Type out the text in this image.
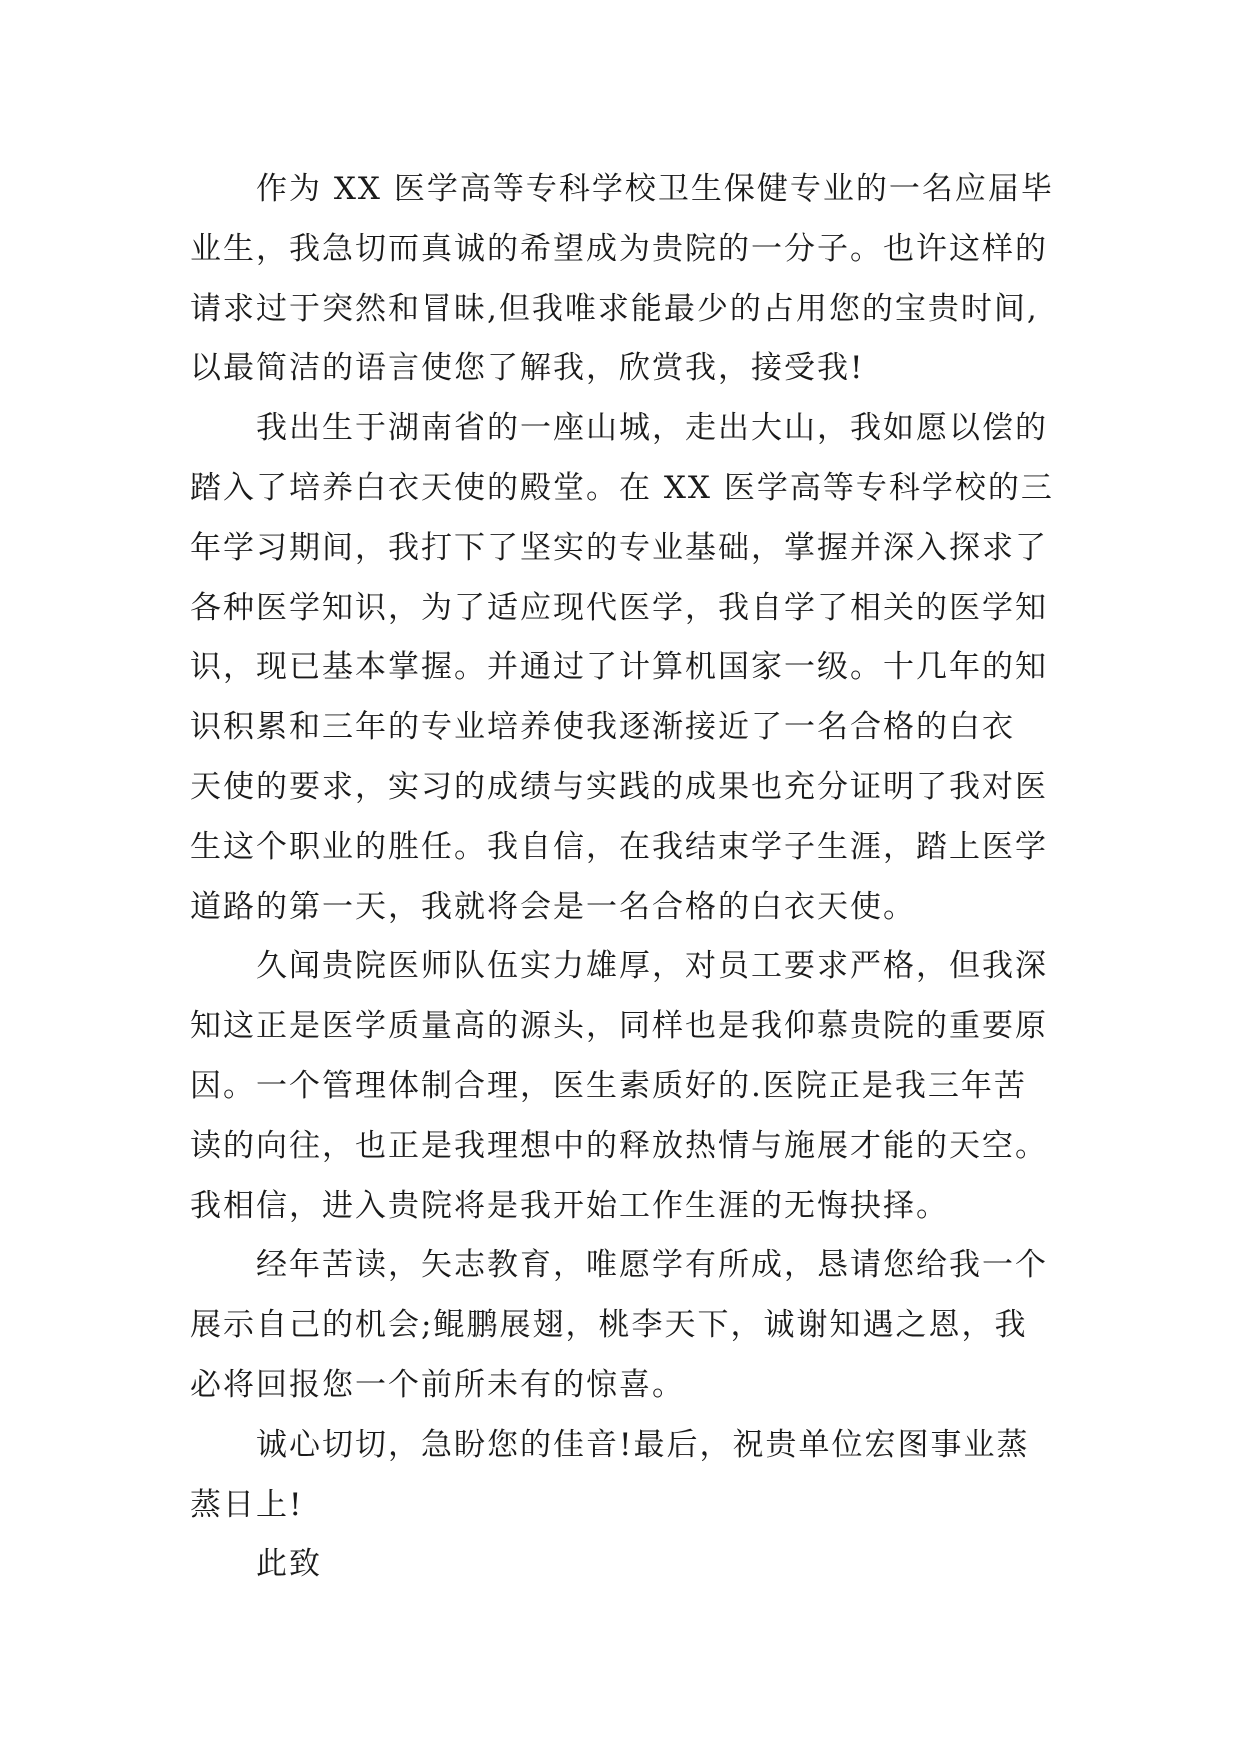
作为 XX 医学高等专科学校卫生保健专业的一名应届毕
业生，我急切而真诚的希望成为贵院的一分子。也许这样的
请求过于突然和冒昧,但我唯求能最少的占用您的宝贵时间,
以最简洁的语言使您了解我，欣赏我，接受我!
我出生于湖南省的一座山城，走出大山，我如愿以偿的
踏入了培养白衣天使的殿堂。在 XX 医学高等专科学校的三
年学习期间，我打下了坚实的专业基础，掌握并深入探求了
各种医学知识，为了适应现代医学，我自学了相关的医学知
识，现已基本掌握。并通过了计算机国家一级。十几年的知
识积累和三年的专业培养使我逐渐接近了一名合格的白衣
天使的要求，实习的成绩与实践的成果也充分证明了我对医
生这个职业的胜任。我自信，在我结束学子生涯，踏上医学
道路的第一天，我就将会是一名合格的白衣天使。
久闻贵院医师队伍实力雄厚，对员工要求严格，但我深
知这正是医学质量高的源头，同样也是我仰慕贵院的重要原
因。一个管理体制合理，医生素质好的.医院正是我三年苦
读的向往，也正是我理想中的释放热情与施展才能的天空。
我相信，进入贵院将是我开始工作生涯的无悔抉择。
经年苦读，矢志教育，唯愿学有所成，恳请您给我一个
展示自己的机会;鲲鹏展翅，桃李天下，诚谢知遇之恩，我
必将回报您一个前所未有的惊喜。
诚心切切，急盼您的佳音!最后，祝贵单位宏图事业蒸
蒸日上!
此致
